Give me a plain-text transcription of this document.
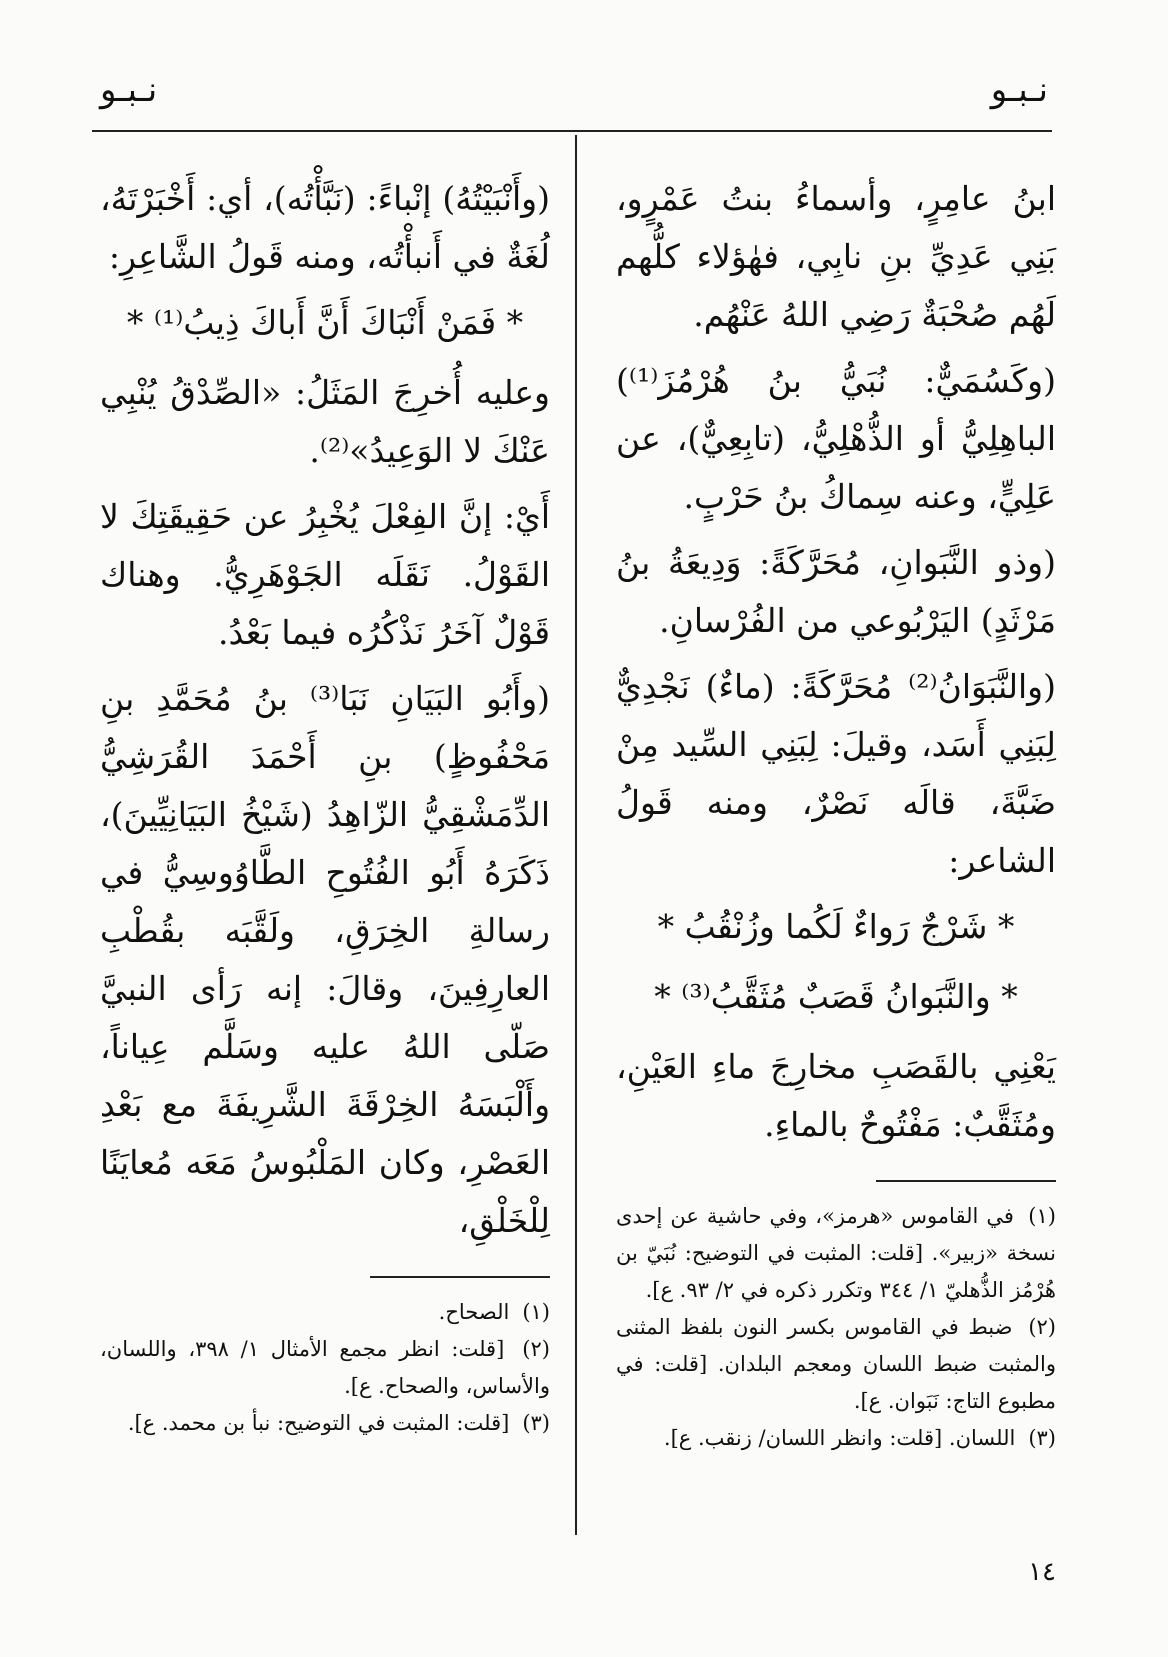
نـبـو
نـبـو

ابنُ عامِرٍ، وأسماءُ بنتُ عَمْرٍو، بَنِي عَدِيِّ بنِ نابِي، فهٰؤلاء كلُّهم لَهُم صُحْبَةٌ رَضِي اللهُ عَنْهُم.

(وكَسُمَيٌّ: نُبَيُّ بنُ هُرْمُزَ⁽¹⁾) الباهِلِيُّ أو الذُّهْلِيُّ، (تابِعِيٌّ)، عن عَلِيٍّ، وعنه سِماكُ بنُ حَرْبٍ.

(وذو النَّبَوانِ، مُحَرَّكَةً: وَدِيعَةُ بنُ مَرْثَدٍ) اليَرْبُوعي من الفُرْسانِ.

(والنَّبَوَانُ⁽²⁾ مُحَرَّكَةً: (ماءٌ) نَجْدِيٌّ لِبَنِي أَسَد، وقيلَ: لِبَنِي السِّيد مِنْ ضَبَّةَ، قالَه نَصْرٌ، ومنه قَولُ الشاعر:

* شَرْجٌ رَواءٌ لَكُما وزُنْقُبُ *

* والنَّبَوانُ قَصَبٌ مُثَقَّبُ⁽³⁾ *

يَعْنِي بالقَصَبِ مخارِجَ ماءِ العَيْنِ، ومُثَقَّبٌ: مَفْتُوحٌ بالماءِ.

(١) في القاموس «هرمز»، وفي حاشية عن إحدى نسخة «زبير». [قلت: المثبت في التوضيح: نُبَيّ بن هُرْمُز الذُّهليّ ١/ ٣٤٤ وتكرر ذكره في ٢/ ٩٣. ع].

(٢) ضبط في القاموس بكسر النون بلفظ المثنى والمثبت ضبط اللسان ومعجم البلدان. [قلت: في مطبوع التاج: نَبَوان. ع].

(٣) اللسان. [قلت: وانظر اللسان/ زنقب. ع].

(وأَنْبَيْتُهُ) إنْباءً: (نَبَّأْتُه)، أي: أَخْبَرْتَهُ، لُغَةٌ في أَنبأْتُه، ومنه قَولُ الشَّاعِرِ:

* فَمَنْ أَنْبَاكَ أَنَّ أَباكَ ذِيبُ⁽¹⁾ *

وعليه أُخرِجَ المَثَلُ: «الصِّدْقُ يُنْبِي عَنْكَ لا الوَعِيدُ»⁽²⁾.

أَيْ: إنَّ الفِعْلَ يُخْبِرُ عن حَقِيقَتِكَ لا القَوْلُ. نَقَلَه الجَوْهَرِيُّ. وهناك قَوْلٌ آخَرُ نَذْكُرُه فيما بَعْدُ.

(وأَبُو البَيَانِ نَبَا⁽³⁾ بنُ مُحَمَّدِ بنِ مَحْفُوظٍ) بنِ أَحْمَدَ القُرَشِيُّ الدِّمَشْقِيُّ الزّاهِدُ (شَيْخُ البَيَانِيِّينَ)، ذَكَرَهُ أَبُو الفُتُوحِ الطَّاوُوسِيُّ في رسالةِ الخِرَقِ، ولَقَّبَه بقُطْبِ العارِفِينَ، وقالَ: إنه رَأى النبيَّ صَلّى اللهُ عليه وسَلَّم عِياناً، وأَلْبَسَهُ الخِرْقَةَ الشَّرِيفَةَ مع بَعْدِ العَصْرِ، وكان المَلْبُوسُ مَعَه مُعايَنًا لِلْخَلْقِ،

(١) الصحاح.

(٢) [قلت: انظر مجمع الأمثال ١/ ٣٩٨، واللسان، والأساس، والصحاح. ع].

(٣) [قلت: المثبت في التوضيح: نبأ بن محمد. ع].

١٤
